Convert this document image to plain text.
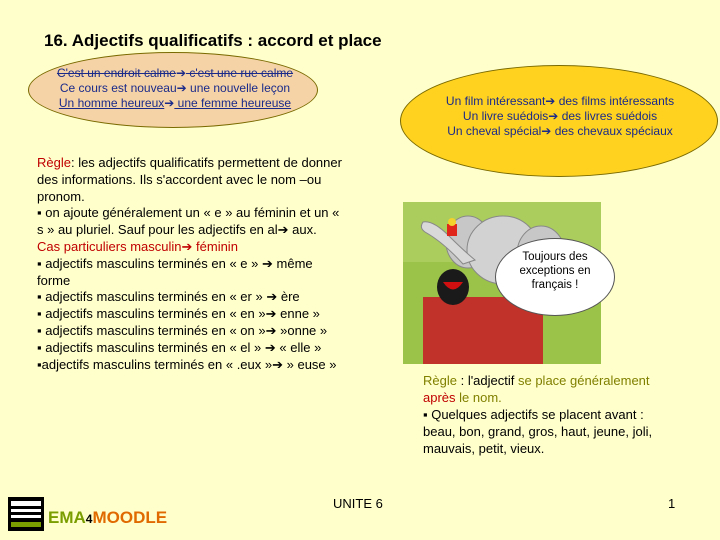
16. Adjectifs qualificatifs : accord et place
C'est un endroit calme➔ c'est une rue calme
Ce cours est nouveau➔ une nouvelle leçon
Un homme heureux➔ une femme heureuse	Un film intéressant➔ des films intéressants
Un livre suédois➔ des livres suédois
Un cheval spécial➔ des chevaux spéciaux
Règle: les adjectifs qualificatifs permettent de donner des informations. Ils s'accordent avec le nom –ou pronom.
▪ on ajoute généralement un « e » au féminin et un « s » au pluriel. Sauf pour les adjectifs en al➔ aux.
Cas particuliers masculin➔ féminin
▪ adjectifs masculins terminés en « e » ➔ même forme
▪ adjectifs masculins terminés en « er » ➔ ère
▪ adjectifs masculins terminés en « en »➔ enne »
▪ adjectifs masculins terminés en « on »➔ »onne »
▪ adjectifs masculins terminés en « el » ➔ « elle »
▪adjectifs masculins terminés en « .eux »➔ » euse »
Toujours des exceptions en français !
Règle : l'adjectif se place généralement après le nom.
▪ Quelques adjectifs se placent avant : beau, bon, grand, gros, haut, jeune, joli, mauvais, petit, vieux.
EMA4MOODLE
UNITE 6	1
